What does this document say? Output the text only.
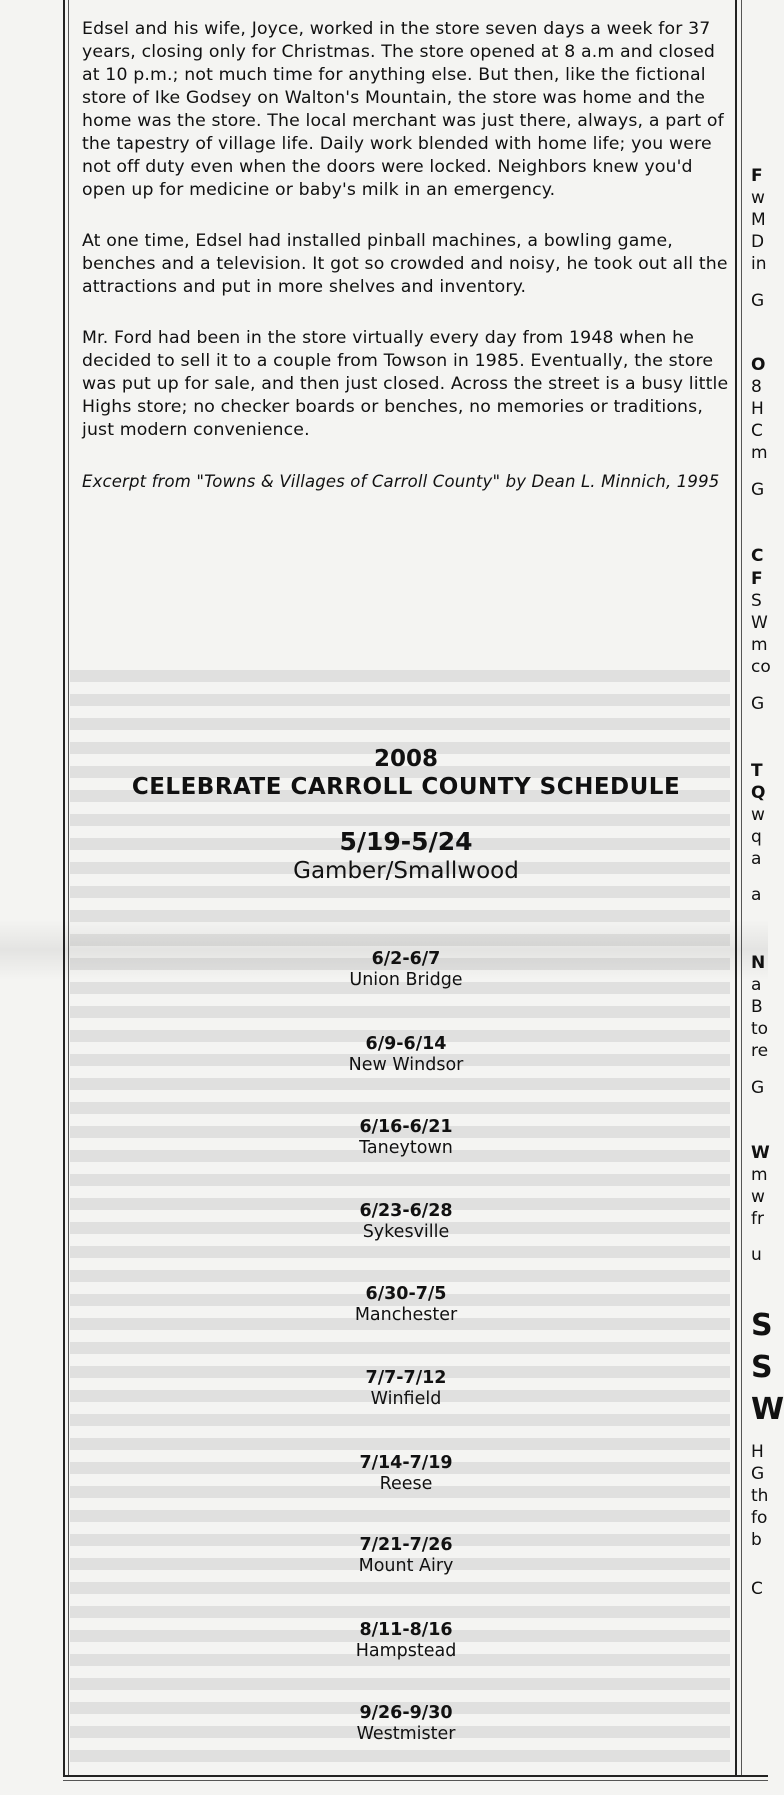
Edsel and his wife, Joyce, worked in the store seven days a week for 37 years, closing only for Christmas. The store opened at 8 a.m and closed at 10 p.m.; not much time for anything else. But then, like the fictional store of Ike Godsey on Walton's Mountain, the store was home and the home was the store. The local merchant was just there, always, a part of the tapestry of village life. Daily work blended with home life; you were not off duty even when the doors were locked. Neighbors knew you'd open up for medicine or baby's milk in an emergency.

At one time, Edsel had installed pinball machines, a bowling game, benches and a television. It got so crowded and noisy, he took out all the attractions and put in more shelves and inventory.

Mr. Ford had been in the store virtually every day from 1948 when he decided to sell it to a couple from Towson in 1985. Eventually, the store was put up for sale, and then just closed. Across the street is a busy little Highs store; no checker boards or benches, no memories or traditions, just modern convenience.

Excerpt from "Towns & Villages of Carroll County" by Dean L. Minnich, 1995

2008
CELEBRATE CARROLL COUNTY SCHEDULE
5/19-5/24
Gamber/Smallwood
6/2-6/7
Union Bridge
6/9-6/14
New Windsor
6/16-6/21
Taneytown
6/23-6/28
Sykesville
6/30-7/5
Manchester
7/7-7/12
Winfield
7/14-7/19
Reese
7/21-7/26
Mount Airy
8/11-8/16
Hampstead
9/26-9/30
Westmister
F
w
M
D
in
G
O
8
H
C
m
G
C
F
S
W
m
co
G
T
Q
w
q
a
a
N
a
B
to
re
G
W
m
w
fr
u
S
S
W
H
G
th
fo
b
C
